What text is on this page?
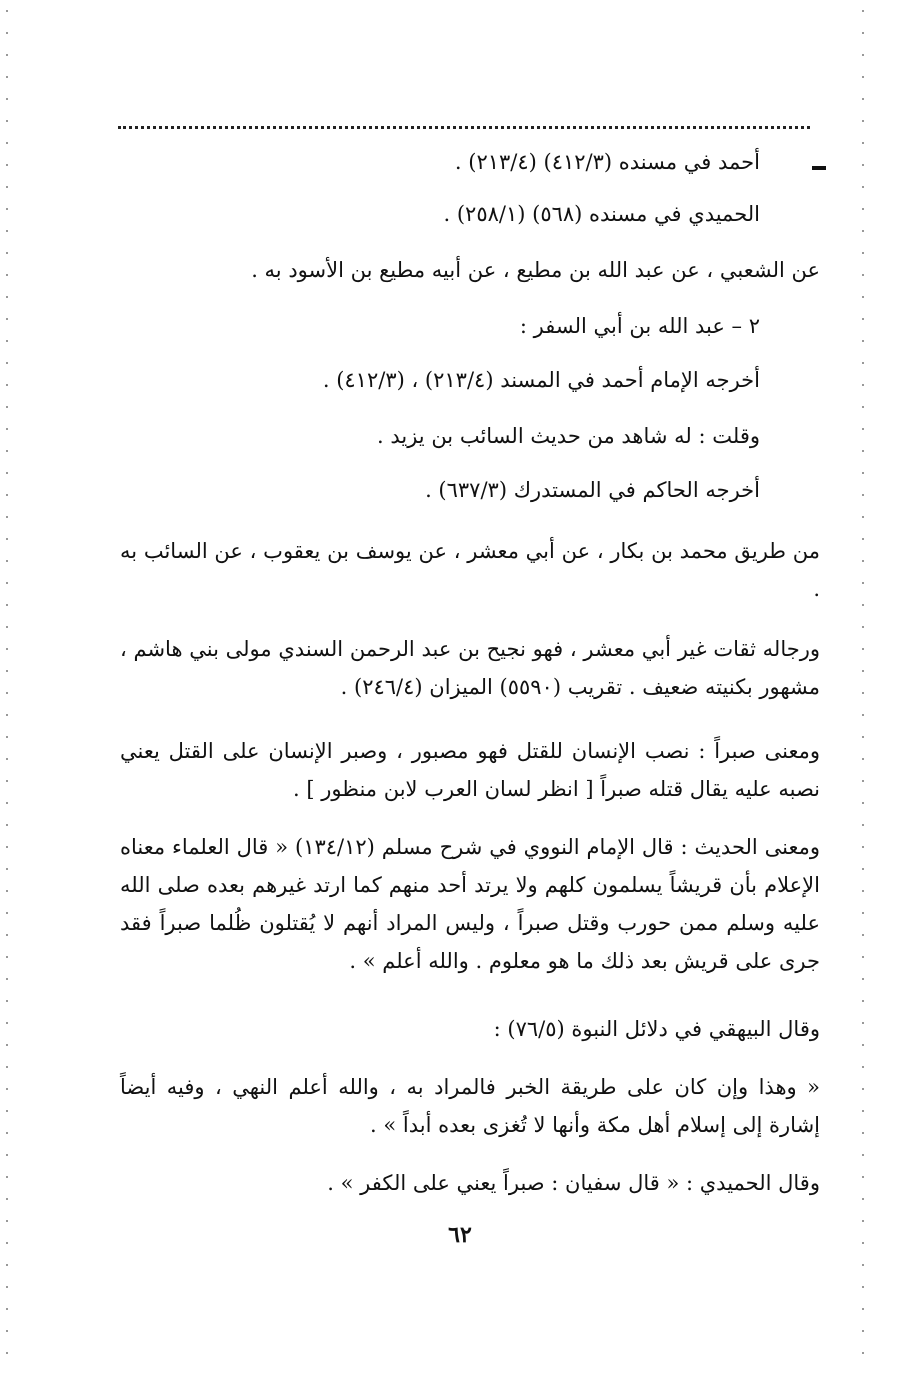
أحمد في مسنده (٤١٢/٣) (٢١٣/٤) .
الحميدي في مسنده (٥٦٨) (٢٥٨/١) .
عن الشعبي ، عن عبد الله بن مطيع ، عن أبيه مطيع بن الأسود به .
٢ – عبد الله بن أبي السفر :
أخرجه الإمام أحمد في المسند (٢١٣/٤) ، (٤١٢/٣) .
وقلت : له شاهد من حديث السائب بن يزيد .
أخرجه الحاكم في المستدرك (٦٣٧/٣) .
من طريق محمد بن بكار ، عن أبي معشر ، عن يوسف بن يعقوب ، عن السائب به .
ورجاله ثقات غير أبي معشر ، فهو نجيح بن عبد الرحمن السندي مولى بني هاشم ، مشهور بكنيته ضعيف . تقريب (٥٥٩٠) الميزان (٢٤٦/٤) .
ومعنى صبراً : نصب الإنسان للقتل فهو مصبور ، وصبر الإنسان على القتل يعني نصبه عليه يقال قتله صبراً [ انظر لسان العرب لابن منظور ] .
ومعنى الحديث : قال الإمام النووي في شرح مسلم (١٣٤/١٢) « قال العلماء معناه الإعلام بأن قريشاً يسلمون كلهم ولا يرتد أحد منهم كما ارتد غيرهم بعده صلى الله عليه وسلم ممن حورب وقتل صبراً ، وليس المراد أنهم لا يُقتلون ظُلما صبراً فقد جرى على قريش بعد ذلك ما هو معلوم . والله أعلم » .
وقال البيهقي في دلائل النبوة (٧٦/٥) :
« وهذا وإن كان على طريقة الخبر فالمراد به ، والله أعلم النهي ، وفيه أيضاً إشارة إلى إسلام أهل مكة وأنها لا تُغزى بعده أبداً » .
وقال الحميدي : « قال سفيان : صبراً يعني على الكفر » .
٦٢
